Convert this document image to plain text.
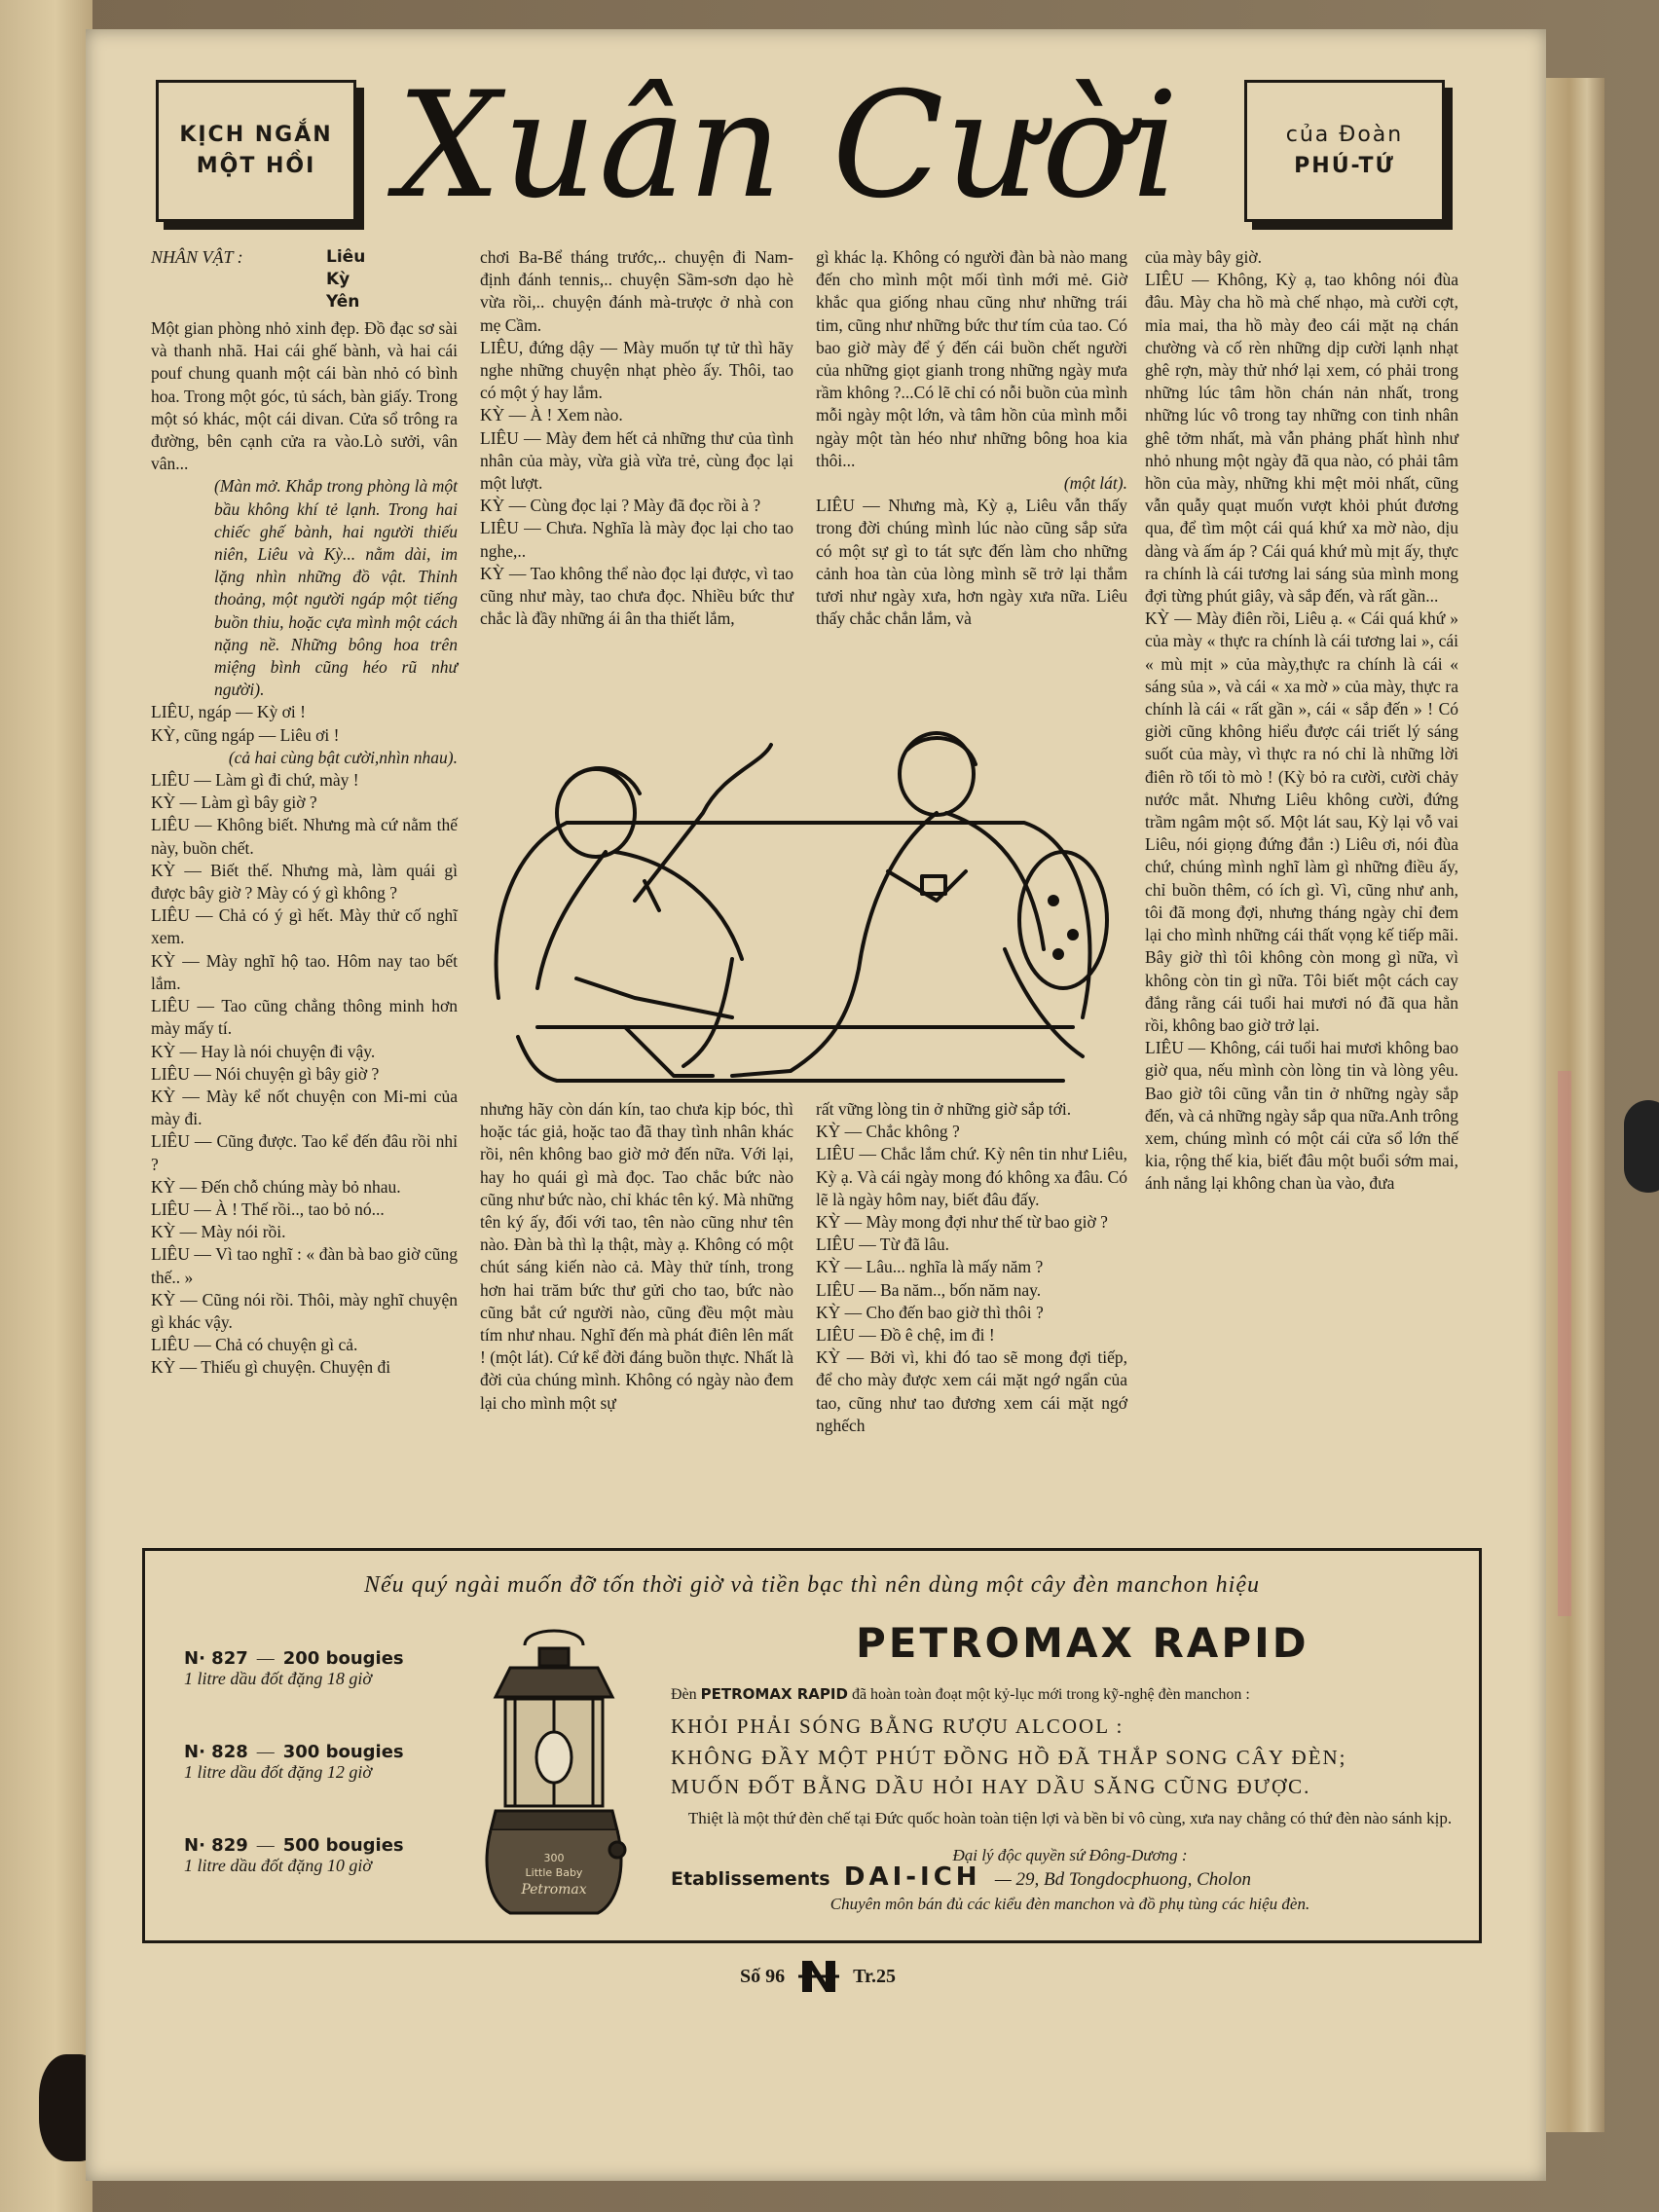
KỊCH NGẮN
MỘT HỒI Xuân Cười	của Đoàn
PHÚ-TỨ
NHÂN VẬT :	Liêu
Kỳ
Yên

Một gian phòng nhỏ xinh đẹp. Đồ đạc sơ sài và thanh nhã. Hai cái ghế bành, và hai cái pouf chung quanh một cái bàn nhỏ có bình hoa. Trong một góc, tủ sách, bàn giấy. Trong một só khác, một cái divan. Cửa sổ trông ra đường, bên cạnh cửa ra vào.Lò sưởi, vân vân...

(Màn mở. Khắp trong phòng là một bầu không khí tẻ lạnh. Trong hai chiếc ghế bành, hai người thiếu niên, Liêu và Kỳ... nằm dài, im lặng nhìn những đồ vật. Thỉnh thoảng, một người ngáp một tiếng buồn thiu, hoặc cựa mình một cách nặng nề. Những bông hoa trên miệng bình cũng héo rũ như người).

LIÊU, ngáp — Kỳ ơi !

KỲ, cũng ngáp — Liêu ơi !

(cả hai cùng bật cười,nhìn nhau).

LIÊU — Làm gì đi chứ, mày !

KỲ — Làm gì bây giờ ?

LIÊU — Không biết. Nhưng mà cứ nằm thế này, buồn chết.

KỲ — Biết thế. Nhưng mà, làm quái gì được bây giờ ? Mày có ý gì không ?

LIÊU — Chả có ý gì hết. Mày thử cố nghĩ xem.

KỲ — Mày nghĩ hộ tao. Hôm nay tao bết lắm.

LIÊU — Tao cũng chẳng thông minh hơn mày mấy tí.

KỲ — Hay là nói chuyện đi vậy.

LIÊU — Nói chuyện gì bây giờ ?

KỲ — Mày kể nốt chuyện con Mi-mi của mày đi.

LIÊU — Cũng được. Tao kể đến đâu rồi nhỉ ?

KỲ — Đến chỗ chúng mày bỏ nhau.

LIÊU — À ! Thế rồi.., tao bỏ nó...

KỲ — Mày nói rồi.

LIÊU — Vì tao nghĩ : « đàn bà bao giờ cũng thế.. »

KỲ — Cũng nói rồi. Thôi, mày nghĩ chuyện gì khác vậy.

LIÊU — Chả có chuyện gì cả.

KỲ — Thiếu gì chuyện. Chuyện đi

chơi Ba-Bể tháng trước,.. chuyện đi Nam-định đánh tennis,.. chuyện Sầm-sơn dạo hè vừa rồi,.. chuyện đánh mà-trược ở nhà con mẹ Cầm.

LIÊU, đứng dậy — Mày muốn tự tử thì hãy nghe những chuyện nhạt phèo ấy. Thôi, tao có một ý hay lắm.

KỲ — À ! Xem nào.

LIÊU — Mày đem hết cả những thư của tình nhân của mày, vừa già vừa trẻ, cùng đọc lại một lượt.

KỲ — Cùng đọc lại ? Mày đã đọc rồi à ?

LIÊU — Chưa. Nghĩa là mày đọc lại cho tao nghe,..

KỲ — Tao không thể nào đọc lại được, vì tao cũng như mày, tao chưa đọc. Nhiều bức thư chắc là đầy những ái ân tha thiết lắm,

gì khác lạ. Không có người đàn bà nào mang đến cho mình một mối tình mới mẻ. Giờ khắc qua giống nhau cũng như những trái tim, cũng như những bức thư tím của tao. Có bao giờ mày để ý đến cái buồn chết người của những giọt gianh trong những ngày mưa rầm không ?...Có lẽ chỉ có nỗi buồn của mình mỗi ngày một lớn, và tâm hồn của mình mỗi ngày một tàn héo như những bông hoa kia thôi...

(một lát).

LIÊU — Nhưng mà, Kỳ ạ, Liêu vẫn thấy trong đời chúng mình lúc nào cũng sắp sửa có một sự gì to tát sực đến làm cho những cảnh hoa tàn của lòng mình sẽ trở lại thắm tươi như ngày xưa, hơn ngày xưa nữa. Liêu thấy chắc chắn lắm, và

của mày bây giờ.

LIÊU — Không, Kỳ ạ, tao không nói đùa đâu. Mày cha hồ mà chế nhạo, mà cười cợt, mỉa mai, tha hồ mày đeo cái mặt nạ chán chường và cố rèn những dịp cười lạnh nhạt ghê rợn, mày thử nhớ lại xem, có phải trong những lúc tâm hồn chán nản nhất, trong những lúc vô trong tay những con tinh nhân ghê tởm nhất, mà vẫn phảng phất hình như nhỏ nhung một ngày đã qua nào, có phải tâm hồn của mày, những khi mệt mỏi nhất, cũng vẫn quẫy quạt muốn vượt khỏi phút đương qua, để tìm một cái quá khứ xa mờ nào, dịu dàng và ấm áp ? Cái quá khứ mù mịt ấy, thực ra chính là cái tương lai sáng sủa mình mong đợi từng phút giây, và sắp đến, và rất gần...

KỲ — Mày điên rồi, Liêu ạ. « Cái quá khứ » của mày « thực ra chính là cái tương lai », cái « mù mịt » của mày,thực ra chính là cái « sáng sủa », và cái « xa mờ » của mày, thực ra chính là cái « rất gần », cái « sắp đến » ! Có giời cũng không hiểu được cái triết lý sáng suốt của mày, vì thực ra nó chỉ là những lời điên rồ tối tò mò ! (Kỳ bỏ ra cười, cười chảy nước mắt. Nhưng Liêu không cười, đứng trầm ngâm một số. Một lát sau, Kỳ lại vỗ vai Liêu, nói giọng đứng đắn :) Liêu ơi, nói đùa chứ, chúng mình nghĩ làm gì những điều ấy, chỉ buồn thêm, có ích gì. Vì, cũng như anh, tôi đã mong đợi, nhưng tháng ngày chỉ đem lại cho mình những cái thất vọng kế tiếp mãi. Bây giờ thì tôi không còn mong gì nữa, vì không còn tin gì nữa. Tôi biết một cách cay đắng rằng cái tuổi hai mươi nó đã qua hẳn rồi, không bao giờ trở lại.

LIÊU — Không, cái tuổi hai mươi không bao giờ qua, nếu mình còn lòng tin và lòng yêu. Bao giờ tôi cũng vẫn tin ở những ngày sắp đến, và cả những ngày sắp qua nữa.Anh trông xem, chúng mình có một cái cửa sổ lớn thế kia, rộng thế kia, biết đâu một buổi sớm mai, ánh nắng lại không chan ùa vào, đưa

nhưng hãy còn dán kín, tao chưa kịp bóc, thì hoặc tác giả, hoặc tao đã thay tình nhân khác rồi, nên không bao giờ mở đến nữa. Với lại, hay ho quái gì mà đọc. Tao chắc bức nào cũng như bức nào, chỉ khác tên ký. Mà những tên ký ấy, đối với tao, tên nào cũng như tên nào. Đàn bà thì lạ thật, mày ạ. Không có một chút sáng kiến nào cả. Mày thử tính, trong hơn hai trăm bức thư gửi cho tao, bức nào cũng bắt cứ người nào, cũng đều một màu tím như nhau. Nghĩ đến mà phát điên lên mất ! (một lát). Cứ kể đời đáng buồn thực. Nhất là đời của chúng mình. Không có ngày nào đem lại cho mình một sự

rất vững lòng tin ở những giờ sắp tới.

KỲ — Chắc không ?

LIÊU — Chắc lắm chứ. Kỳ nên tin như Liêu, Kỳ ạ. Và cái ngày mong đó không xa đâu. Có lẽ là ngày hôm nay, biết đâu đấy.

KỲ — Mày mong đợi như thế từ bao giờ ?

LIÊU — Từ đã lâu.

KỲ — Lâu... nghĩa là mấy năm ?

LIÊU — Ba năm.., bốn năm nay.

KỲ — Cho đến bao giờ thì thôi ?

LIÊU — Đồ ê chệ, im đi !

KỲ — Bởi vì, khi đó tao sẽ mong đợi tiếp, để cho mày được xem cái mặt ngớ ngẩn của tao, cũng như tao đương xem cái mặt ngớ nghếch

Nếu quý ngài muốn đỡ tốn thời giờ và tiền bạc thì nên dùng một cây đèn manchon hiệu
N· 827  —  200 bougies
1 litre dầu đốt đặng 18 giờ
N· 828  —  300 bougies
1 litre dầu đốt đặng 12 giờ
N· 829  —  500 bougies
1 litre dầu đốt đặng 10 giờ	300
Little Baby
Petromax
PETROMAX RAPID
Đèn PETROMAX RAPID đã hoàn toàn đoạt một kỷ-lục mới trong kỹ-nghệ đèn manchon :
KHỎI PHẢI SÓNG BẰNG RƯỢU ALCOOL :
KHÔNG ĐẦY MỘT PHÚT ĐỒNG HỒ ĐÃ THẮP SONG CÂY ĐÈN;
MUỐN ĐỐT BẰNG DẦU HỎI HAY DẦU SĂNG CŨNG ĐƯỢC.
Thiệt là một thứ đèn chế tại Đức quốc hoàn toàn tiện lợi và bền bỉ vô cùng, xưa nay chẳng có thứ đèn nào sánh kịp.
Đại lý độc quyền sứ Đông-Dương :
Etablissements DAI-ICH — 29, Bd Tongdocphuong, Cholon
Chuyên môn bán đủ các kiểu đèn manchon và đồ phụ tùng các hiệu đèn.
Số 96	Tr.25
